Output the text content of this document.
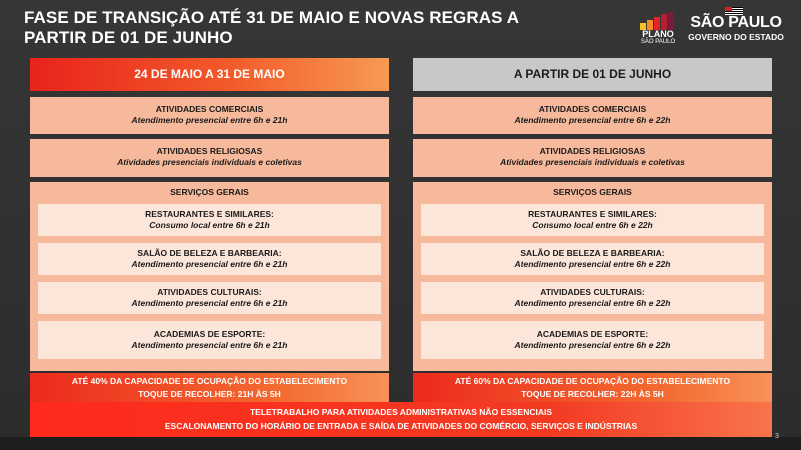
FASE DE TRANSIÇÃO ATÉ 31 DE MAIO E NOVAS REGRAS A PARTIR DE 01 DE JUNHO	PLANO
SÃO PAULO
SÃO PAULO
GOVERNO DO ESTADO
24 DE MAIO A 31 DE MAIO
ATIVIDADES COMERCIAIS
Atendimento presencial entre 6h e 21h
ATIVIDADES RELIGIOSAS
Atividades presenciais individuais e coletivas
SERVIÇOS GERAIS
RESTAURANTES E SIMILARES:
Consumo local entre 6h e 21h
SALÃO DE BELEZA E BARBEARIA:
Atendimento presencial entre 6h e 21h
ATIVIDADES CULTURAIS:
Atendimento presencial entre 6h e 21h
ACADEMIAS DE ESPORTE:
Atendimento presencial entre 6h e 21h
A PARTIR DE 01 DE JUNHO
ATIVIDADES COMERCIAIS
Atendimento presencial entre 6h e 22h
ATIVIDADES RELIGIOSAS
Atividades presenciais individuais e coletivas
SERVIÇOS GERAIS
RESTAURANTES E SIMILARES:
Consumo local entre 6h e 22h
SALÃO DE BELEZA E BARBEARIA:
Atendimento presencial entre 6h e 22h
ATIVIDADES CULTURAIS:
Atendimento presencial entre 6h e 22h
ACADEMIAS DE ESPORTE:
Atendimento presencial entre 6h e 22h
ATÉ 40% DA CAPACIDADE DE OCUPAÇÃO DO ESTABELECIMENTO
TOQUE DE RECOLHER: 21H ÀS 5H
ATÉ 60% DA CAPACIDADE DE OCUPAÇÃO DO ESTABELECIMENTO
TOQUE DE RECOLHER: 22H ÀS 5H
TELETRABALHO PARA ATIVIDADES ADMINISTRATIVAS NÃO ESSENCIAIS
ESCALONAMENTO DO HORÁRIO DE ENTRADA E SAÍDA DE ATIVIDADES DO COMÉRCIO, SERVIÇOS E INDÚSTRIAS
3
